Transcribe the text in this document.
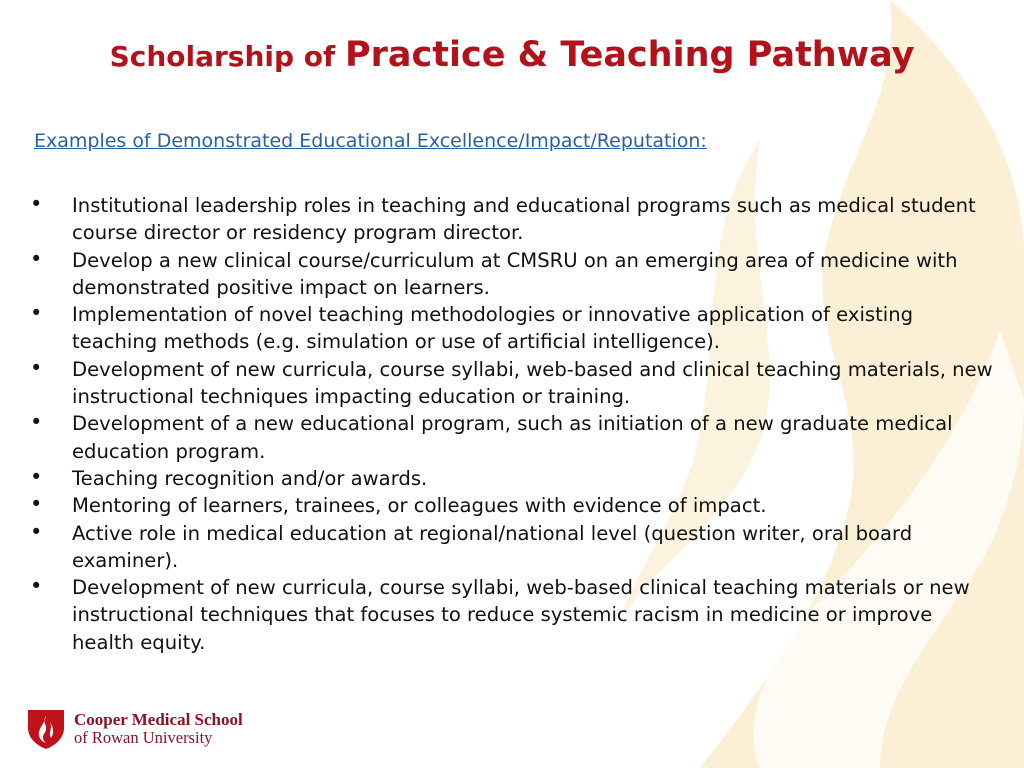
Scholarship of Practice & Teaching Pathway
Examples of Demonstrated Educational Excellence/Impact/Reputation:
• Institutional leadership roles in teaching and educational programs such as medical student course director or residency program director.
• Develop a new clinical course/curriculum at CMSRU on an emerging area of medicine with demonstrated positive impact on learners.
• Implementation of novel teaching methodologies or innovative application of existing teaching methods (e.g. simulation or use of artificial intelligence).
• Development of new curricula, course syllabi, web-based and clinical teaching materials, new instructional techniques impacting education or training.
• Development of a new educational program, such as initiation of a new graduate medical education program.
• Teaching recognition and/or awards.
• Mentoring of learners, trainees, or colleagues with evidence of impact.
• Active role in medical education at regional/national level (question writer, oral board examiner).
• Development of new curricula, course syllabi, web-based clinical teaching materials or new instructional techniques that focuses to reduce systemic racism in medicine or improve health equity.
Cooper Medical School
of Rowan University
